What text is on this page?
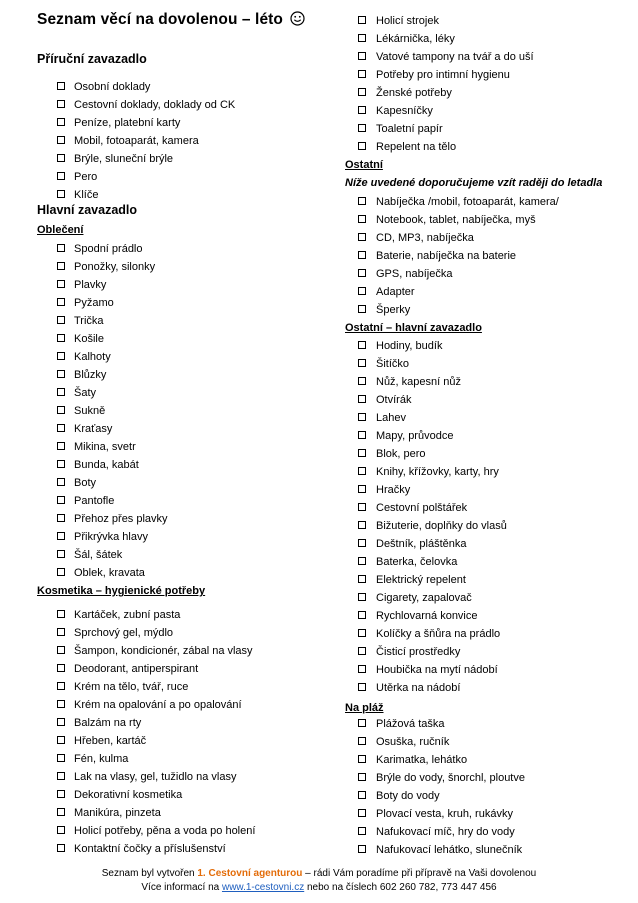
Seznam věcí na dovolenou – léto
Příruční zavazadlo
Osobní doklady
Cestovní doklady, doklady od CK
Peníze, platební karty
Mobil, fotoaparát, kamera
Brýle, sluneční brýle
Pero
Klíče
Hlavní zavazadlo
Oblečení
Spodní prádlo
Ponožky, silonky
Plavky
Pyžamo
Trička
Košile
Kalhoty
Blůzky
Šaty
Sukně
Kraťasy
Mikina, svetr
Bunda, kabát
Boty
Pantofle
Přehoz přes plavky
Přikrývka hlavy
Šál, šátek
Oblek, kravata
Kosmetika – hygienické potřeby
Kartáček, zubní pasta
Sprchový gel, mýdlo
Šampon, kondicionér, zábal na vlasy
Deodorant, antiperspirant
Krém na tělo, tvář, ruce
Krém na opalování a po opalování
Balzám na rty
Hřeben, kartáč
Fén, kulma
Lak na vlasy, gel, tužidlo na vlasy
Dekorativní kosmetika
Manikúra, pinzeta
Holicí potřeby, pěna a voda po holení
Kontaktní čočky a příslušenství
Holicí strojek
Lékárnička, léky
Vatové tampony na tvář a do uší
Potřeby pro intimní hygienu
Ženské potřeby
Kapesníčky
Toaletní papír
Repelent na tělo
Ostatní
Níže uvedené doporučujeme vzít raději do letadla
Nabíječka /mobil, fotoaparát, kamera/
Notebook, tablet, nabíječka, myš
CD, MP3, nabíječka
Baterie, nabíječka na baterie
GPS, nabíječka
Adapter
Šperky
Ostatní – hlavní zavazadlo
Hodiny, budík
Šitíčko
Nůž, kapesní nůž
Otvírák
Lahev
Mapy, průvodce
Blok, pero
Knihy, křížovky, karty, hry
Hračky
Cestovní polštářek
Bižuterie, doplňky do vlasů
Deštník, pláštěnka
Baterka, čelovka
Elektrický repelent
Cigarety, zapalovač
Rychlovarná konvice
Kolíčky a šňůra na prádlo
Čisticí prostředky
Houbička na mytí nádobí
Utěrka na nádobí
Na pláž
Plážová taška
Osuška, ručník
Karimatka, lehátko
Brýle do vody, šnorchl, ploutve
Boty do vody
Plovací vesta, kruh, rukávky
Nafukovací míč, hry do vody
Nafukovací lehátko, slunečník
Seznam byl vytvořen 1. Cestovní agenturou – rádi Vám poradíme při přípravě na Vaši dovolenou
Více informací na www.1-cestovni.cz nebo na číslech 602 260 782, 773 447 456
